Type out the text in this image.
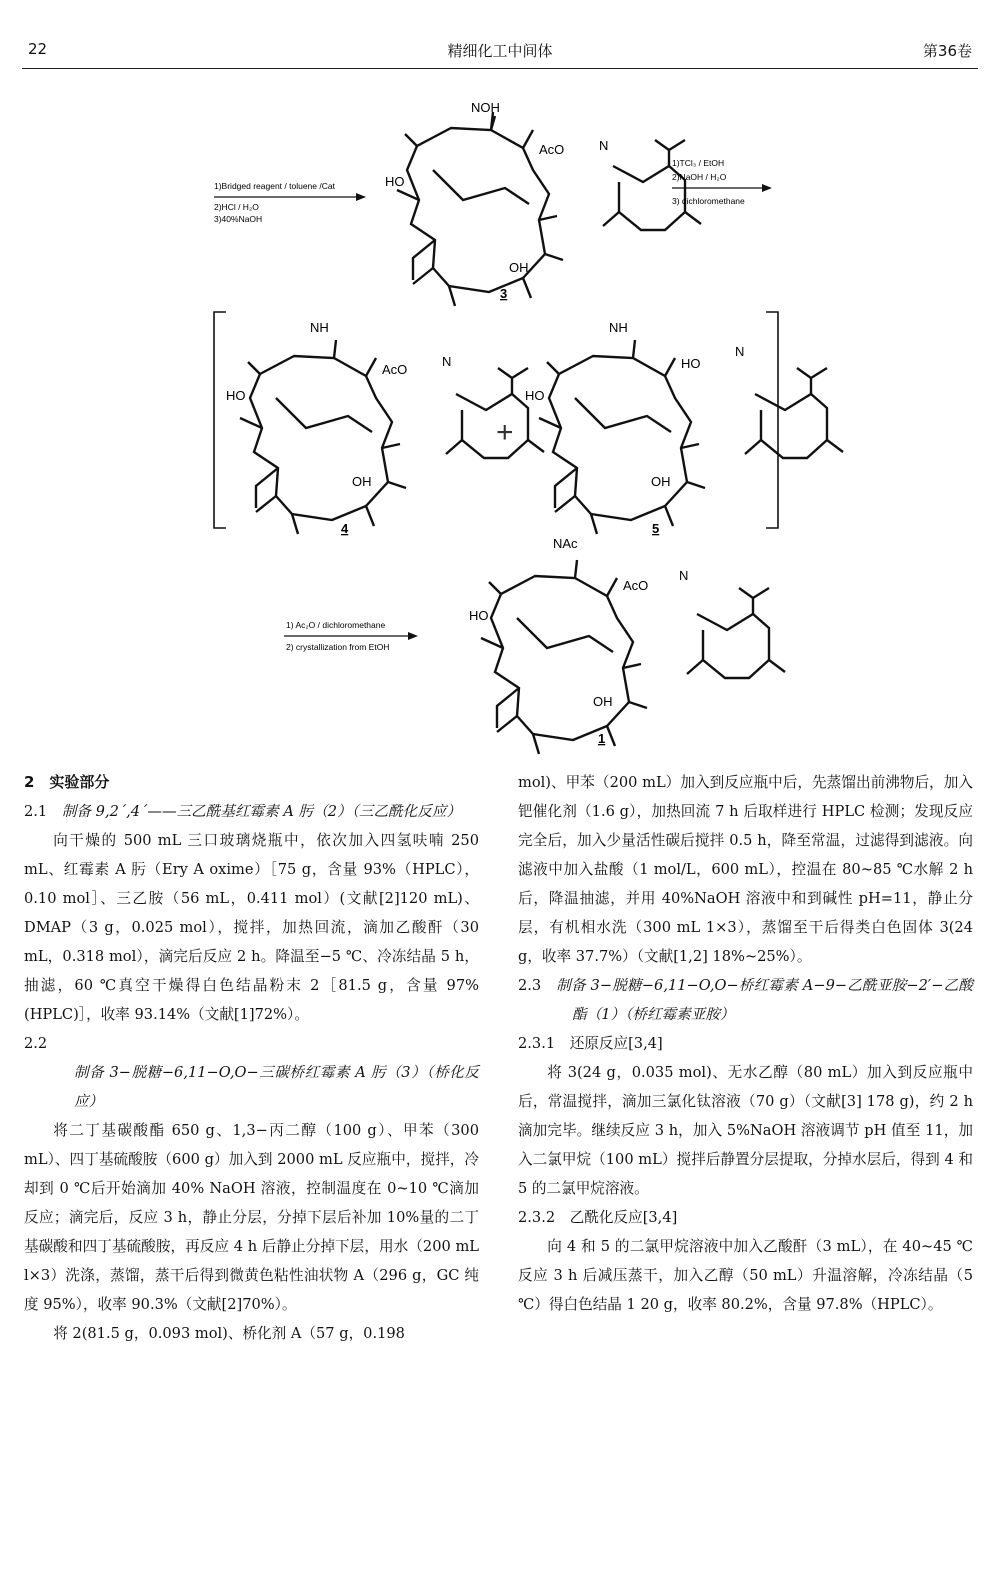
22	精细化工中间体	第36卷
NOH
HO
AcO	N
OH
3
1)Bridged reagent / toluene /Cat
2)HCl / H₂O
3)40%NaOH
1)TCl₃ / EtOH
2)NaOH / H₂O
3) dichloromethane
NH
HO
AcO
N
OH
4
+
NH
HO
HO
N
OH
5
1) Ac₂O / dichloromethane
2) crystallization from EtOH
NAc
HO
AcO
N
OH
1

2　实验部分

2.1　 制备 9,2´,4´——三乙酰基红霉素 A 肟（2）（三乙酰化反应）

向干燥的 500 mL 三口玻璃烧瓶中，依次加入四氢呋喃 250 mL、红霉素 A 肟（Ery A oxime）［75 g，含量 93%（HPLC），0.10 mol］、三乙胺（56 mL，0.411 mol）(文献[2]120 mL)、DMAP（3 g，0.025 mol），搅拌，加热回流，滴加乙酸酐（30 mL，0.318 mol），滴完后反应 2 h。降温至−5 ℃、冷冻结晶 5 h，抽滤，60 ℃真空干燥得白色结晶粉末 2［81.5 g，含量 97%(HPLC)］，收率 93.14%（文献[1]72%）。

2.2　制备 3−脱糖−6,11−O,O−三碳桥红霉素 A 肟（3）（桥化反应）

将二丁基碳酸酯 650 g、1,3−丙二醇（100 g）、甲苯（300 mL）、四丁基硫酸胺（600 g）加入到 2000 mL 反应瓶中，搅拌，冷却到 0 ℃后开始滴加 40% NaOH 溶液，控制温度在 0~10 ℃滴加反应；滴完后，反应 3 h，静止分层，分掉下层后补加 10%量的二丁基碳酸和四丁基硫酸胺，再反应 4 h 后静止分掉下层，用水（200 mL l×3）洗涤，蒸馏，蒸干后得到微黄色粘性油状物 A（296 g，GC 纯度 95%），收率 90.3%（文献[2]70%）。

将 2(81.5 g，0.093 mol)、桥化剂 A（57 g，0.198

mol)、甲苯（200 mL）加入到反应瓶中后，先蒸馏出前沸物后，加入钯催化剂（1.6 g），加热回流 7 h 后取样进行 HPLC 检测；发现反应完全后，加入少量活性碳后搅拌 0.5 h，降至常温，过滤得到滤液。向滤液中加入盐酸（1 mol/L，600 mL），控温在 80~85 ℃水解 2 h 后，降温抽滤，并用 40%NaOH 溶液中和到碱性 pH=11，静止分层，有机相水洗（300 mL 1×3），蒸馏至干后得类白色固体 3(24 g，收率 37.7%）（文献[1,2] 18%~25%）。

2.3　 制备 3−脱糖−6,11−O,O−桥红霉素 A−9−乙酰亚胺−2′−乙酸酯（1）（桥红霉素亚胺）

2.3.1　还原反应[3,4]

将 3(24 g，0.035 mol)、无水乙醇（80 mL）加入到反应瓶中后，常温搅拌，滴加三氯化钛溶液（70 g）（文献[3] 178 g)，约 2 h 滴加完毕。继续反应 3 h，加入 5%NaOH 溶液调节 pH 值至 11，加入二氯甲烷（100 mL）搅拌后静置分层提取，分掉水层后，得到 4 和 5 的二氯甲烷溶液。

2.3.2　乙酰化反应[3,4]

向 4 和 5 的二氯甲烷溶液中加入乙酸酐（3 mL），在 40~45 ℃反应 3 h 后减压蒸干，加入乙醇（50 mL）升温溶解，冷冻结晶（5 ℃）得白色结晶 1 20 g，收率 80.2%，含量 97.8%（HPLC）。
